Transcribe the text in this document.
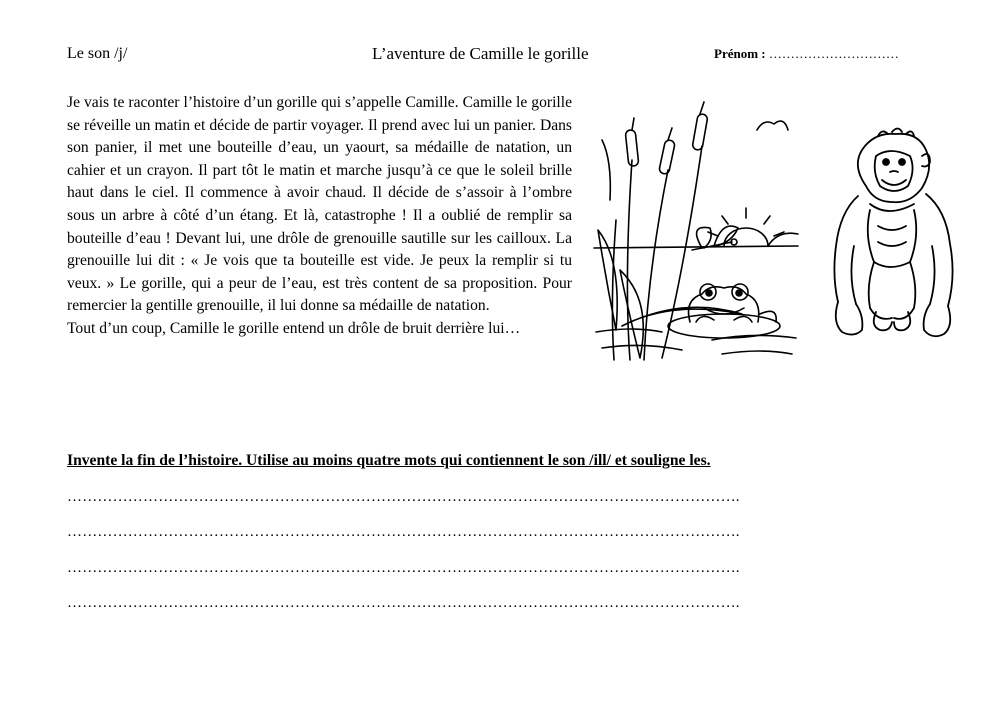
Le son /j/	L’aventure de Camille le gorille	Prénom : …………………………

Je vais te raconter l’histoire d’un gorille qui s’appelle Camille. Camille le gorille se réveille un matin et décide de partir voyager. Il prend avec lui un panier. Dans son panier, il met une bouteille d’eau, un yaourt, sa médaille de natation, un cahier et un crayon. Il part tôt le matin et marche jusqu’à ce que le soleil brille haut dans le ciel. Il commence à avoir chaud. Il décide de s’assoir à l’ombre sous un arbre à côté d’un étang. Et là, catastrophe ! Il a oublié de remplir sa bouteille d’eau ! Devant lui, une drôle de grenouille sautille sur les cailloux. La grenouille lui dit : « Je vois que ta bouteille est vide. Je peux la remplir si tu veux. » Le gorille, qui a peur de l’eau, est très content de sa proposition. Pour remercier la gentille grenouille, il lui donne sa médaille de natation.

Tout d’un coup, Camille le gorille entend un drôle de bruit derrière lui…

Invente la fin de l’histoire. Utilise au moins quatre mots qui contiennent le son /ill/ et souligne les.
…………………………………………………………………………………………………………………….
…………………………………………………………………………………………………………………….
…………………………………………………………………………………………………………………….
…………………………………………………………………………………………………………………….
